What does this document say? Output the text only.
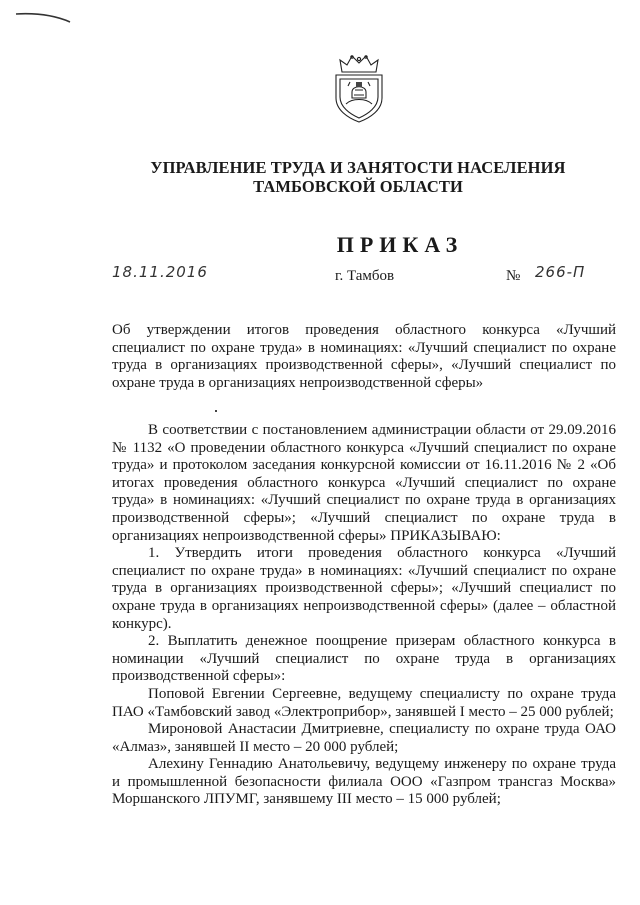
УПРАВЛЕНИЕ ТРУДА И ЗАНЯТОСТИ НАСЕЛЕНИЯ
ТАМБОВСКОЙ ОБЛАСТИ
ПРИКАЗ
18.11.2016	г. Тамбов	№ 266-П
Об утверждении итогов проведения областного конкурса «Лучший специалист по охране труда» в номинациях: «Лучший специалист по охране труда в организациях производственной сферы», «Лучший специалист по охране труда в организациях непроизводственной сферы»

В соответствии с постановлением администрации области от 29.09.2016 № 1132 «О проведении областного конкурса «Лучший специалист по охране труда» и протоколом заседания конкурсной комиссии от 16.11.2016 № 2 «Об итогах проведения областного конкурса «Лучший специалист по охране труда» в номинациях: «Лучший специалист по охране труда в организациях производственной сферы»; «Лучший специалист по охране труда в организациях непроизводственной сферы» ПРИКАЗЫВАЮ:

1. Утвердить итоги проведения областного конкурса «Лучший специалист по охране труда» в номинациях: «Лучший специалист по охране труда в организациях производственной сферы»; «Лучший специалист по охране труда в организациях непроизводственной сферы» (далее – областной конкурс).

2. Выплатить денежное поощрение призерам областного конкурса в номинации «Лучший специалист по охране труда в организациях производственной сферы»:

Поповой Евгении Сергеевне, ведущему специалисту по охране труда ПАО «Тамбовский завод «Электроприбор», занявшей I место – 25 000 рублей;

Мироновой Анастасии Дмитриевне, специалисту по охране труда ОАО «Алмаз», занявшей II место – 20 000 рублей;

Алехину Геннадию Анатольевичу, ведущему инженеру по охране труда и промышленной безопасности филиала ООО «Газпром трансгаз Москва» Моршанского ЛПУМГ, занявшему III место – 15 000 рублей;
